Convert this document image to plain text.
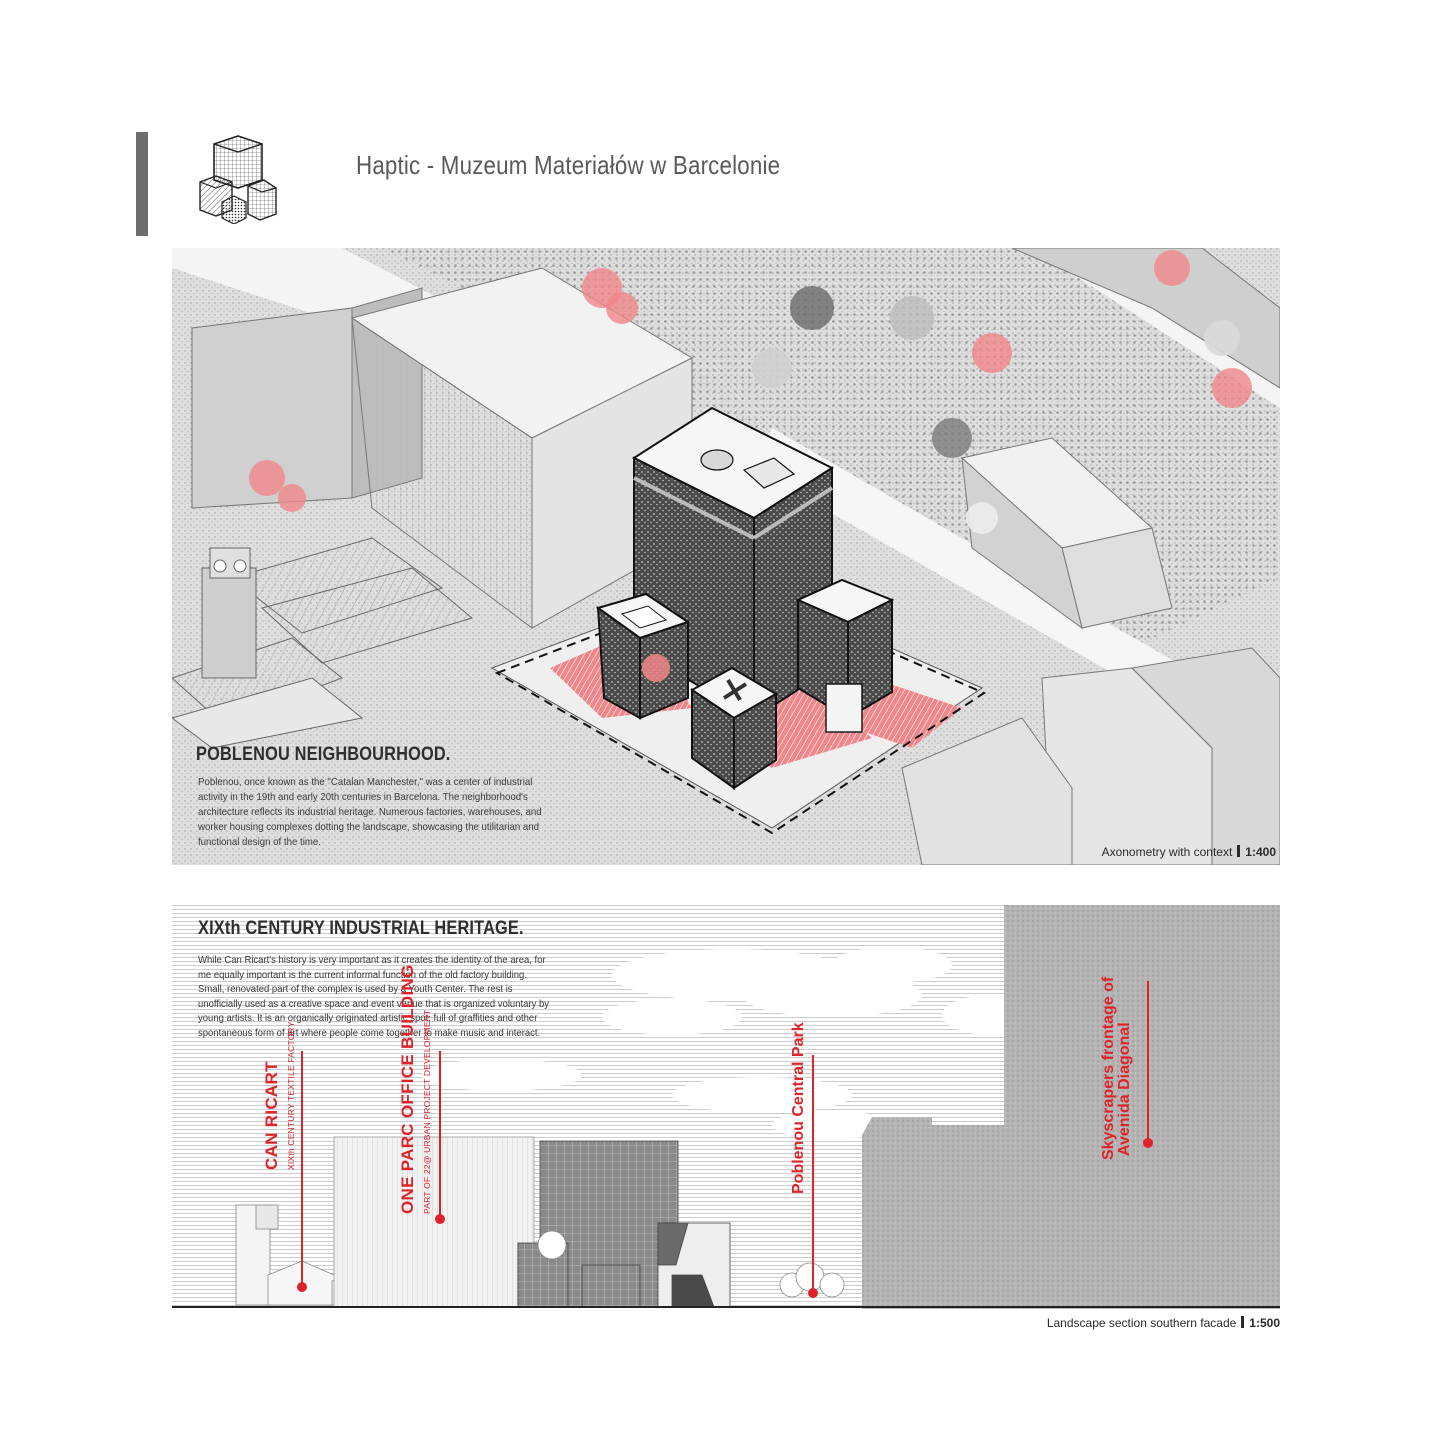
Haptic - Muzeum Materiałów w Barcelonie
POBLENOU NEIGHBOURHOOD.
Poblenou, once known as the "Catalan Manchester," was a center of industrial activity in the 19th and early 20th centuries in Barcelona. The neighborhood's architecture reflects its industrial heritage. Numerous factories, warehouses, and worker housing complexes dotting the landscape, showcasing the utilitarian and functional design of the time.
Axonometry with context 1:400
XIXth CENTURY INDUSTRIAL HERITAGE.
While Can Ricart's history is very important as it creates the identity of the area, for me equally important is the current informal function of the old factory building. Small, renovated part of the complex is used by a Youth Center. The rest is unofficially used as a creative space and event venue that is organized voluntary by young artists. It is an organically originated artistic spot, full of graffities and other spontaneous form of art where people come together to make music and interact.
CAN RICART XIXth CENTURY TEXTILE FACTORY	ONE PARC OFFICE BUILDING PART OF 22@ URBAN PROJECT DEVELOPMENT	Poblenou Central Park	Skyscrapers frontage of Avenida Diagonal
Landscape section southern facade 1:500
